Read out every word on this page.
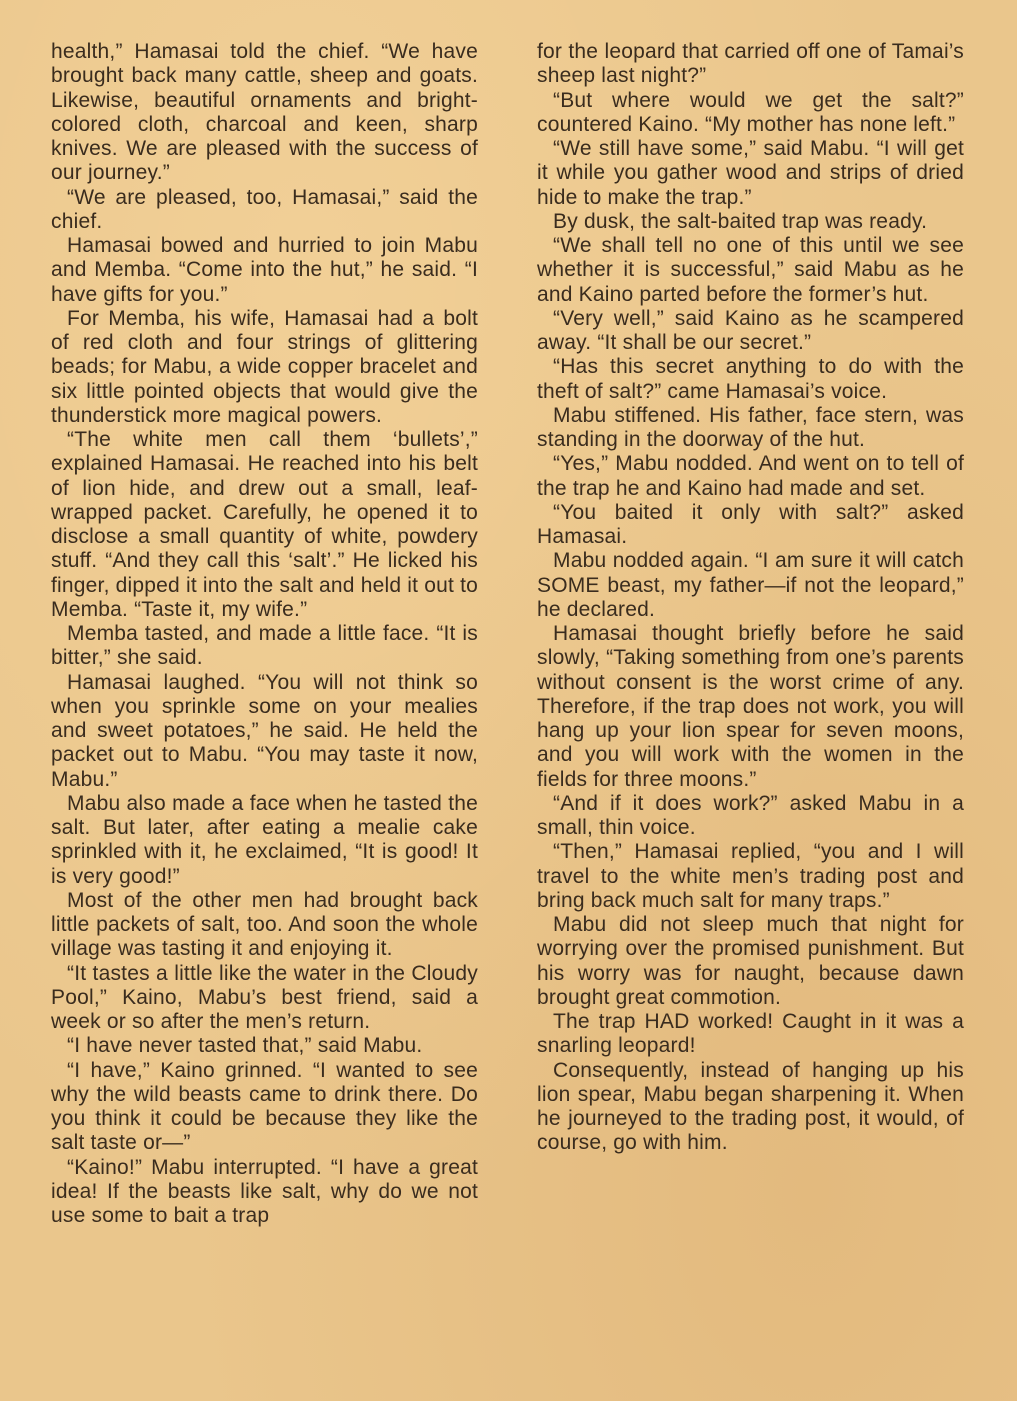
health,” Hamasai told the chief. “We have brought back many cattle, sheep and goats. Likewise, beautiful ornaments and bright-colored cloth, charcoal and keen, sharp knives. We are pleased with the success of our journey.”

“We are pleased, too, Hamasai,” said the chief.

Hamasai bowed and hurried to join Mabu and Memba. “Come into the hut,” he said. “I have gifts for you.”

For Memba, his wife, Hamasai had a bolt of red cloth and four strings of glittering beads; for Mabu, a wide copper bracelet and six little pointed objects that would give the thunderstick more magical powers.

“The white men call them ‘bullets’,” explained Hamasai. He reached into his belt of lion hide, and drew out a small, leaf-wrapped packet. Carefully, he opened it to disclose a small quantity of white, powdery stuff. “And they call this ‘salt’.” He licked his finger, dipped it into the salt and held it out to Memba. “Taste it, my wife.”

Memba tasted, and made a little face. “It is bitter,” she said.

Hamasai laughed. “You will not think so when you sprinkle some on your mealies and sweet potatoes,” he said. He held the packet out to Mabu. “You may taste it now, Mabu.”

Mabu also made a face when he tasted the salt. But later, after eating a mealie cake sprinkled with it, he exclaimed, “It is good! It is very good!”

Most of the other men had brought back little packets of salt, too. And soon the whole village was tasting it and enjoying it.

“It tastes a little like the water in the Cloudy Pool,” Kaino, Mabu’s best friend, said a week or so after the men’s return.

“I have never tasted that,” said Mabu.

“I have,” Kaino grinned. “I wanted to see why the wild beasts came to drink there. Do you think it could be because they like the salt taste or—”

“Kaino!” Mabu interrupted. “I have a great idea! If the beasts like salt, why do we not use some to bait a trap

for the leopard that carried off one of Tamai’s sheep last night?”

“But where would we get the salt?” countered Kaino. “My mother has none left.”

“We still have some,” said Mabu. “I will get it while you gather wood and strips of dried hide to make the trap.”

By dusk, the salt-baited trap was ready.

“We shall tell no one of this until we see whether it is successful,” said Mabu as he and Kaino parted before the former’s hut.

“Very well,” said Kaino as he scampered away. “It shall be our secret.”

“Has this secret anything to do with the theft of salt?” came Hamasai’s voice.

Mabu stiffened. His father, face stern, was standing in the doorway of the hut.

“Yes,” Mabu nodded. And went on to tell of the trap he and Kaino had made and set.

“You baited it only with salt?” asked Hamasai.

Mabu nodded again. “I am sure it will catch SOME beast, my father—if not the leopard,” he declared.

Hamasai thought briefly before he said slowly, “Taking something from one’s parents without consent is the worst crime of any. Therefore, if the trap does not work, you will hang up your lion spear for seven moons, and you will work with the women in the fields for three moons.”

“And if it does work?” asked Mabu in a small, thin voice.

“Then,” Hamasai replied, “you and I will travel to the white men’s trading post and bring back much salt for many traps.”

Mabu did not sleep much that night for worrying over the promised punishment. But his worry was for naught, because dawn brought great commotion.

The trap HAD worked! Caught in it was a snarling leopard!

Consequently, instead of hanging up his lion spear, Mabu began sharpening it. When he journeyed to the trading post, it would, of course, go with him.
